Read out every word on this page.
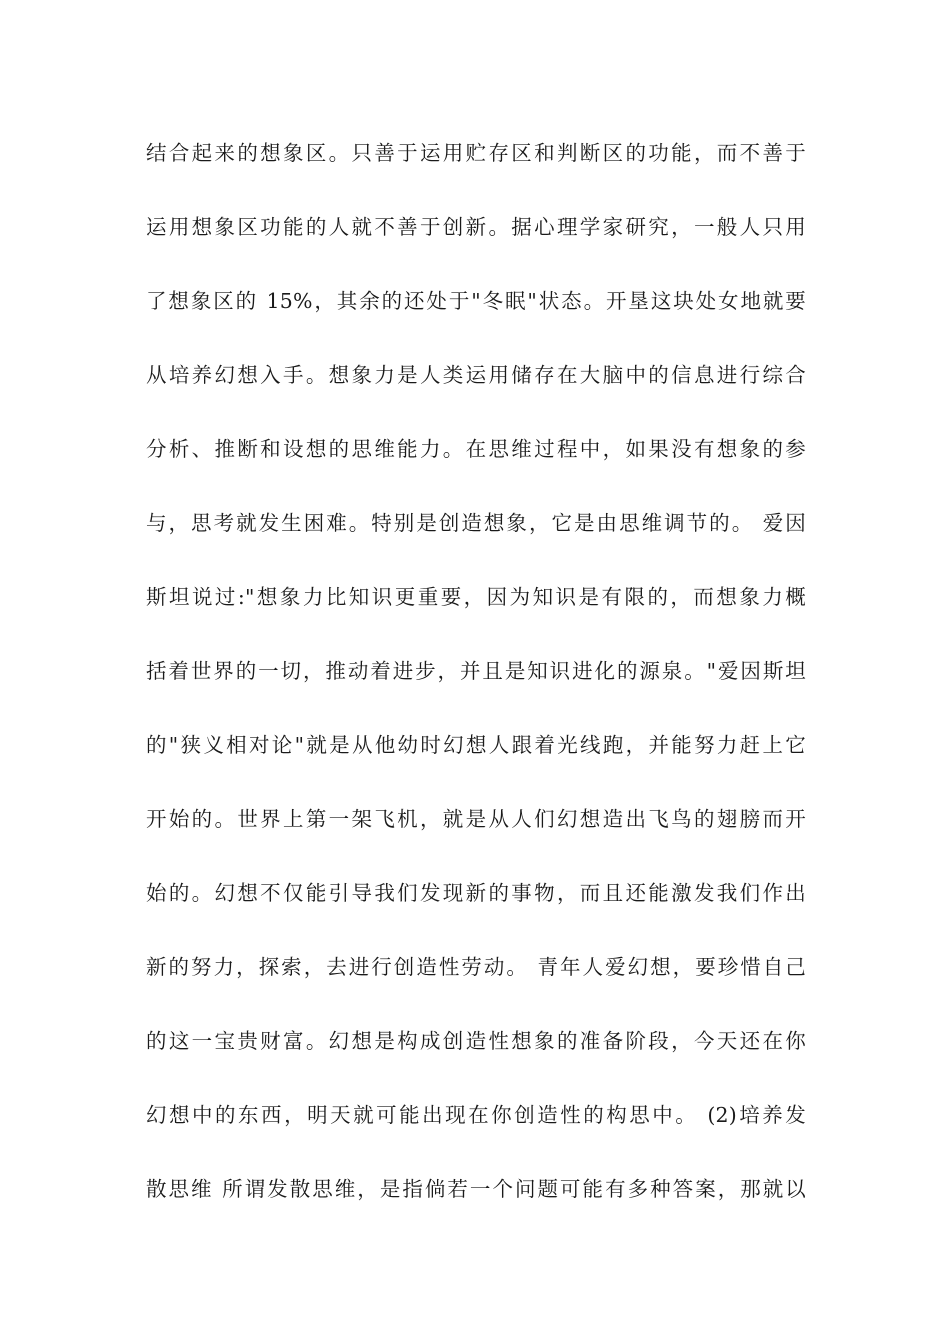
结合起来的想象区。只善于运用贮存区和判断区的功能，而不善于
运用想象区功能的人就不善于创新。据心理学家研究，一般人只用
了想象区的 15%，其余的还处于"冬眠"状态。开垦这块处女地就要
从培养幻想入手。想象力是人类运用储存在大脑中的信息进行综合
分析、推断和设想的思维能力。在思维过程中，如果没有想象的参
与，思考就发生困难。特别是创造想象，它是由思维调节的。 爱因
斯坦说过:"想象力比知识更重要，因为知识是有限的，而想象力概
括着世界的一切，推动着进步，并且是知识进化的源泉。"爱因斯坦
的"狭义相对论"就是从他幼时幻想人跟着光线跑，并能努力赶上它
开始的。世界上第一架飞机，就是从人们幻想造出飞鸟的翅膀而开
始的。幻想不仅能引导我们发现新的事物，而且还能激发我们作出
新的努力，探索，去进行创造性劳动。 青年人爱幻想，要珍惜自己
的这一宝贵财富。幻想是构成创造性想象的准备阶段，今天还在你
幻想中的东西，明天就可能出现在你创造性的构思中。 (2)培养发
散思维 所谓发散思维，是指倘若一个问题可能有多种答案，那就以
